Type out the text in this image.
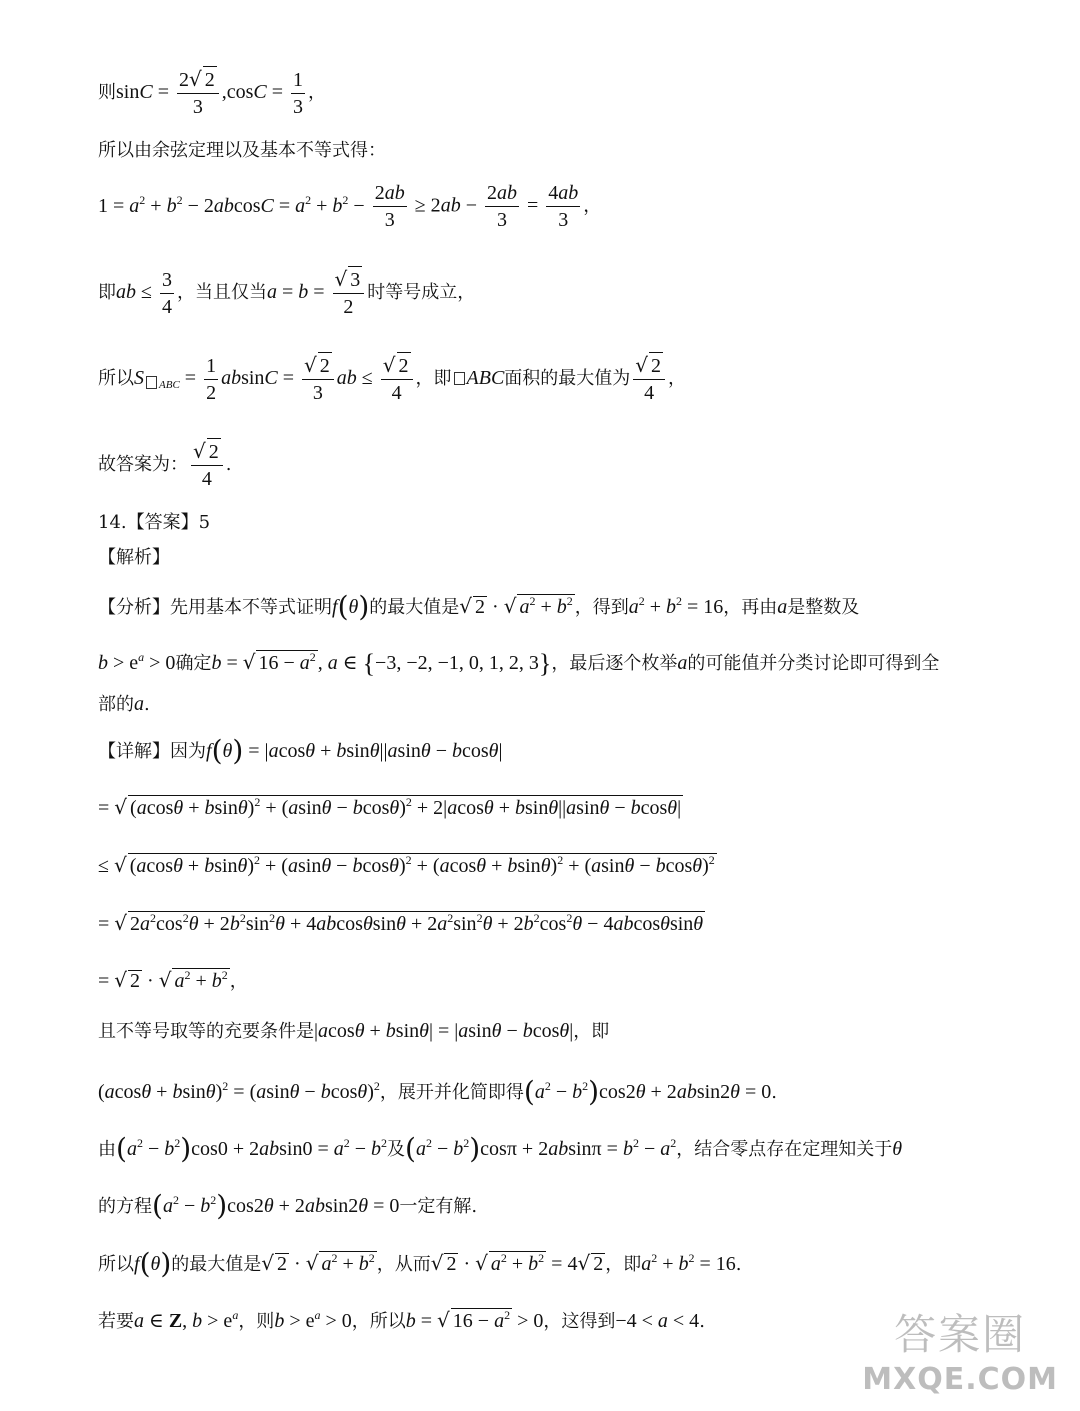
则$\sin C = \frac{2√ 2}{3} ,\cos C = \frac{1}{3}$ ，
所以由余弦定理以及基本不等式得：
$1 = a^2 + b^2 - 2abcosC = a^2 + b^2 - \frac{2ab}{3} \ge 2ab - \frac{2ab}{3} = \frac{4ab}{3}$ ，
即ab ≤ $\frac{3}{4}$ ，当且仅当$a = b = \frac{√ 3}{2}$ 时等号成立，
所以S $_{ABC} = \frac{1}{2}$ $absinC = \frac{√ 2}{3}$ ab ≤ $\frac{√ 2}{4}$ ，即 ABC面积的最大值为 $\frac{√ 2}{4}$ ，
故答案为： $\frac{√ 2}{4}$ .
14.【答案】5
【解析】
【分析】先用基本不等式证明f(θ)的最大值是√ 2 · √ $a^2 + b^2$ ，得到$a^2 + b^2 = 16$，再由a是整数及
$b > e^a > 0$确定b = √ $16 - a^2$ , a ∈ {−3, −2, −1, 0, 1, 2, 3}，最后逐个枚举a的可能值并分类讨论即可得到全
部的a.
【详解】因为f(θ) = |acosθ + bsinθ||asinθ − bcosθ|
= √ $(acos\theta + bsin\theta)^2 + (asin\theta - bcos\theta)^2 + 2|acos\theta + bsin\theta||asin\theta - bcos\theta|$
≤ √ $(acos\theta + bsin\theta)^2 + (asin\theta - bcos\theta)^2 + (acos\theta + bsin\theta)^2 + (asin\theta - bcos\theta)^2$
= √ $2a^2\cos^2\theta + 2b^2\sin^2\theta + 4abcos\theta\sin\theta + 2a^2\sin^2\theta + 2b^2\cos^2\theta - 4abcos\theta\sin\theta$
= √ 2 · √ $a^2 + b^2$ ，
且不等号取等的充要条件是|acosθ + bsinθ| = |asinθ − bcosθ|，即
$(acos\theta + bsin\theta)^2 = (asin\theta - bcos\theta)^2$，展开并化简即得$(a^2 - b^2)\cos 2\theta + 2absin2\theta = 0$.
由$(a^2 - b^2)\cos 0 + 2absin0 = a^2 - b^2$及$(a^2 - b^2)\cos\pi + 2absin\pi = b^2 - a^2$，结合零点存在定理知关于θ
的方程$(a^2 - b^2)\cos 2\theta + 2absin2\theta = 0$一定有解.
所以f(θ)的最大值是√ 2 · √ $a^2 + b^2$ ，从而√ 2 · √ $a^2 + b^2 = 4√$ 2 ，即$a^2 + b^2 = 16$.
若要a ∈ Z, $b > e^a$，则$b > e^a > 0$，所以b = √ $16 - a^2 > 0$，这得到−4 < a < 4.	答案圈
MXQE.COM
